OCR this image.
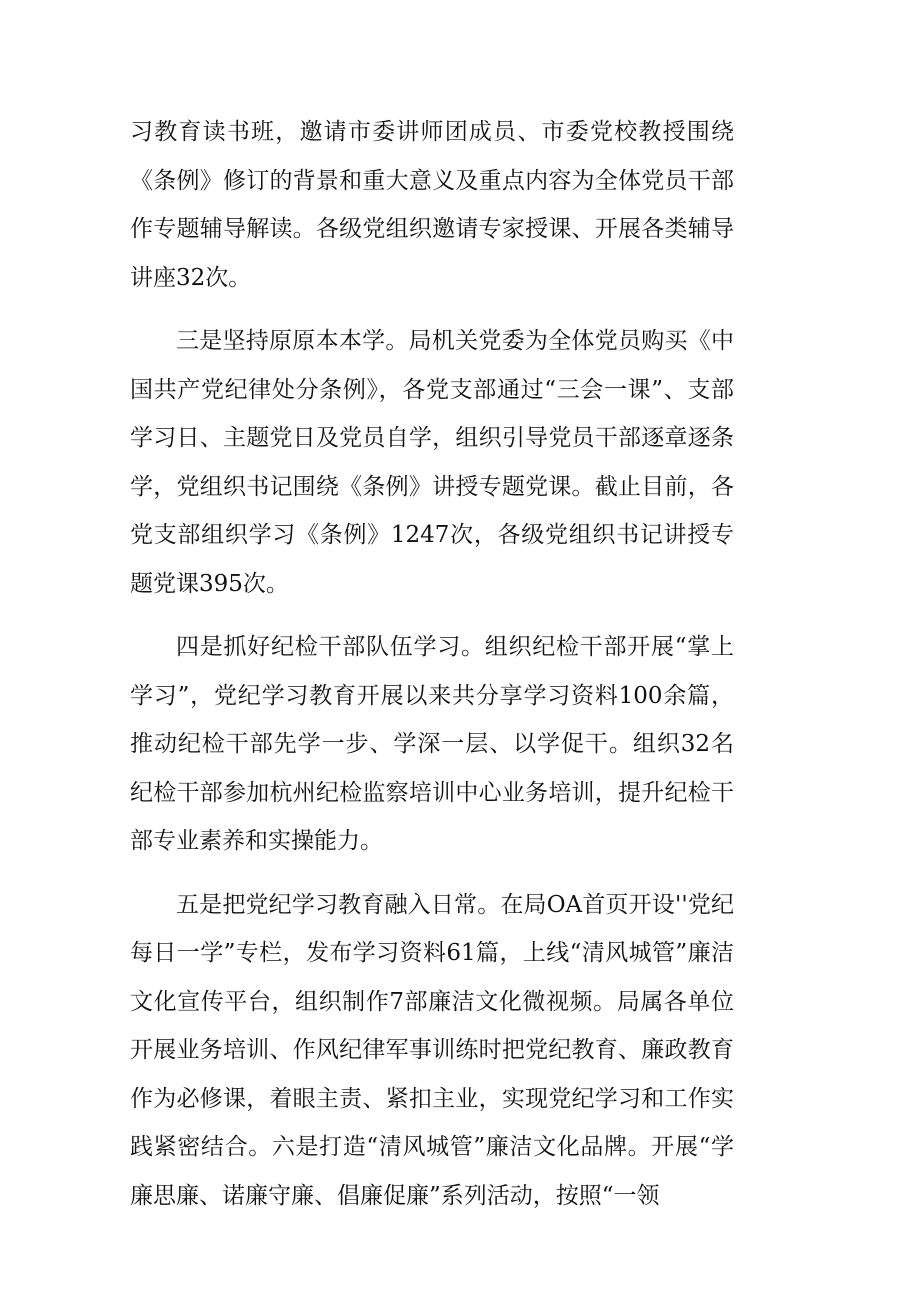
习教育读书班，邀请市委讲师团成员、市委党校教授围绕《条例》修订的背景和重大意义及重点内容为全体党员干部作专题辅导解读。各级党组织邀请专家授课、开展各类辅导讲座32次。

三是坚持原原本本学。局机关党委为全体党员购买《中国共产党纪律处分条例》，各党支部通过“三会一课”、支部学习日、主题党日及党员自学，组织引导党员干部逐章逐条学，党组织书记围绕《条例》讲授专题党课。截止目前，各党支部组织学习《条例》1247次，各级党组织书记讲授专题党课395次。

四是抓好纪检干部队伍学习。组织纪检干部开展“掌上学习”，党纪学习教育开展以来共分享学习资料100余篇，推动纪检干部先学一步、学深一层、以学促干。组织32名纪检干部参加杭州纪检监察培训中心业务培训，提升纪检干部专业素养和实操能力。

五是把党纪学习教育融入日常。在局OA首页开设''党纪每日一学”专栏，发布学习资料61篇，上线“清风城管”廉洁文化宣传平台，组织制作7部廉洁文化微视频。局属各单位开展业务培训、作风纪律军事训练时把党纪教育、廉政教育作为必修课，着眼主责、紧扣主业，实现党纪学习和工作实践紧密结合。六是打造“清风城管”廉洁文化品牌。开展“学廉思廉、诺廉守廉、倡廉促廉”系列活动，按照“一领
